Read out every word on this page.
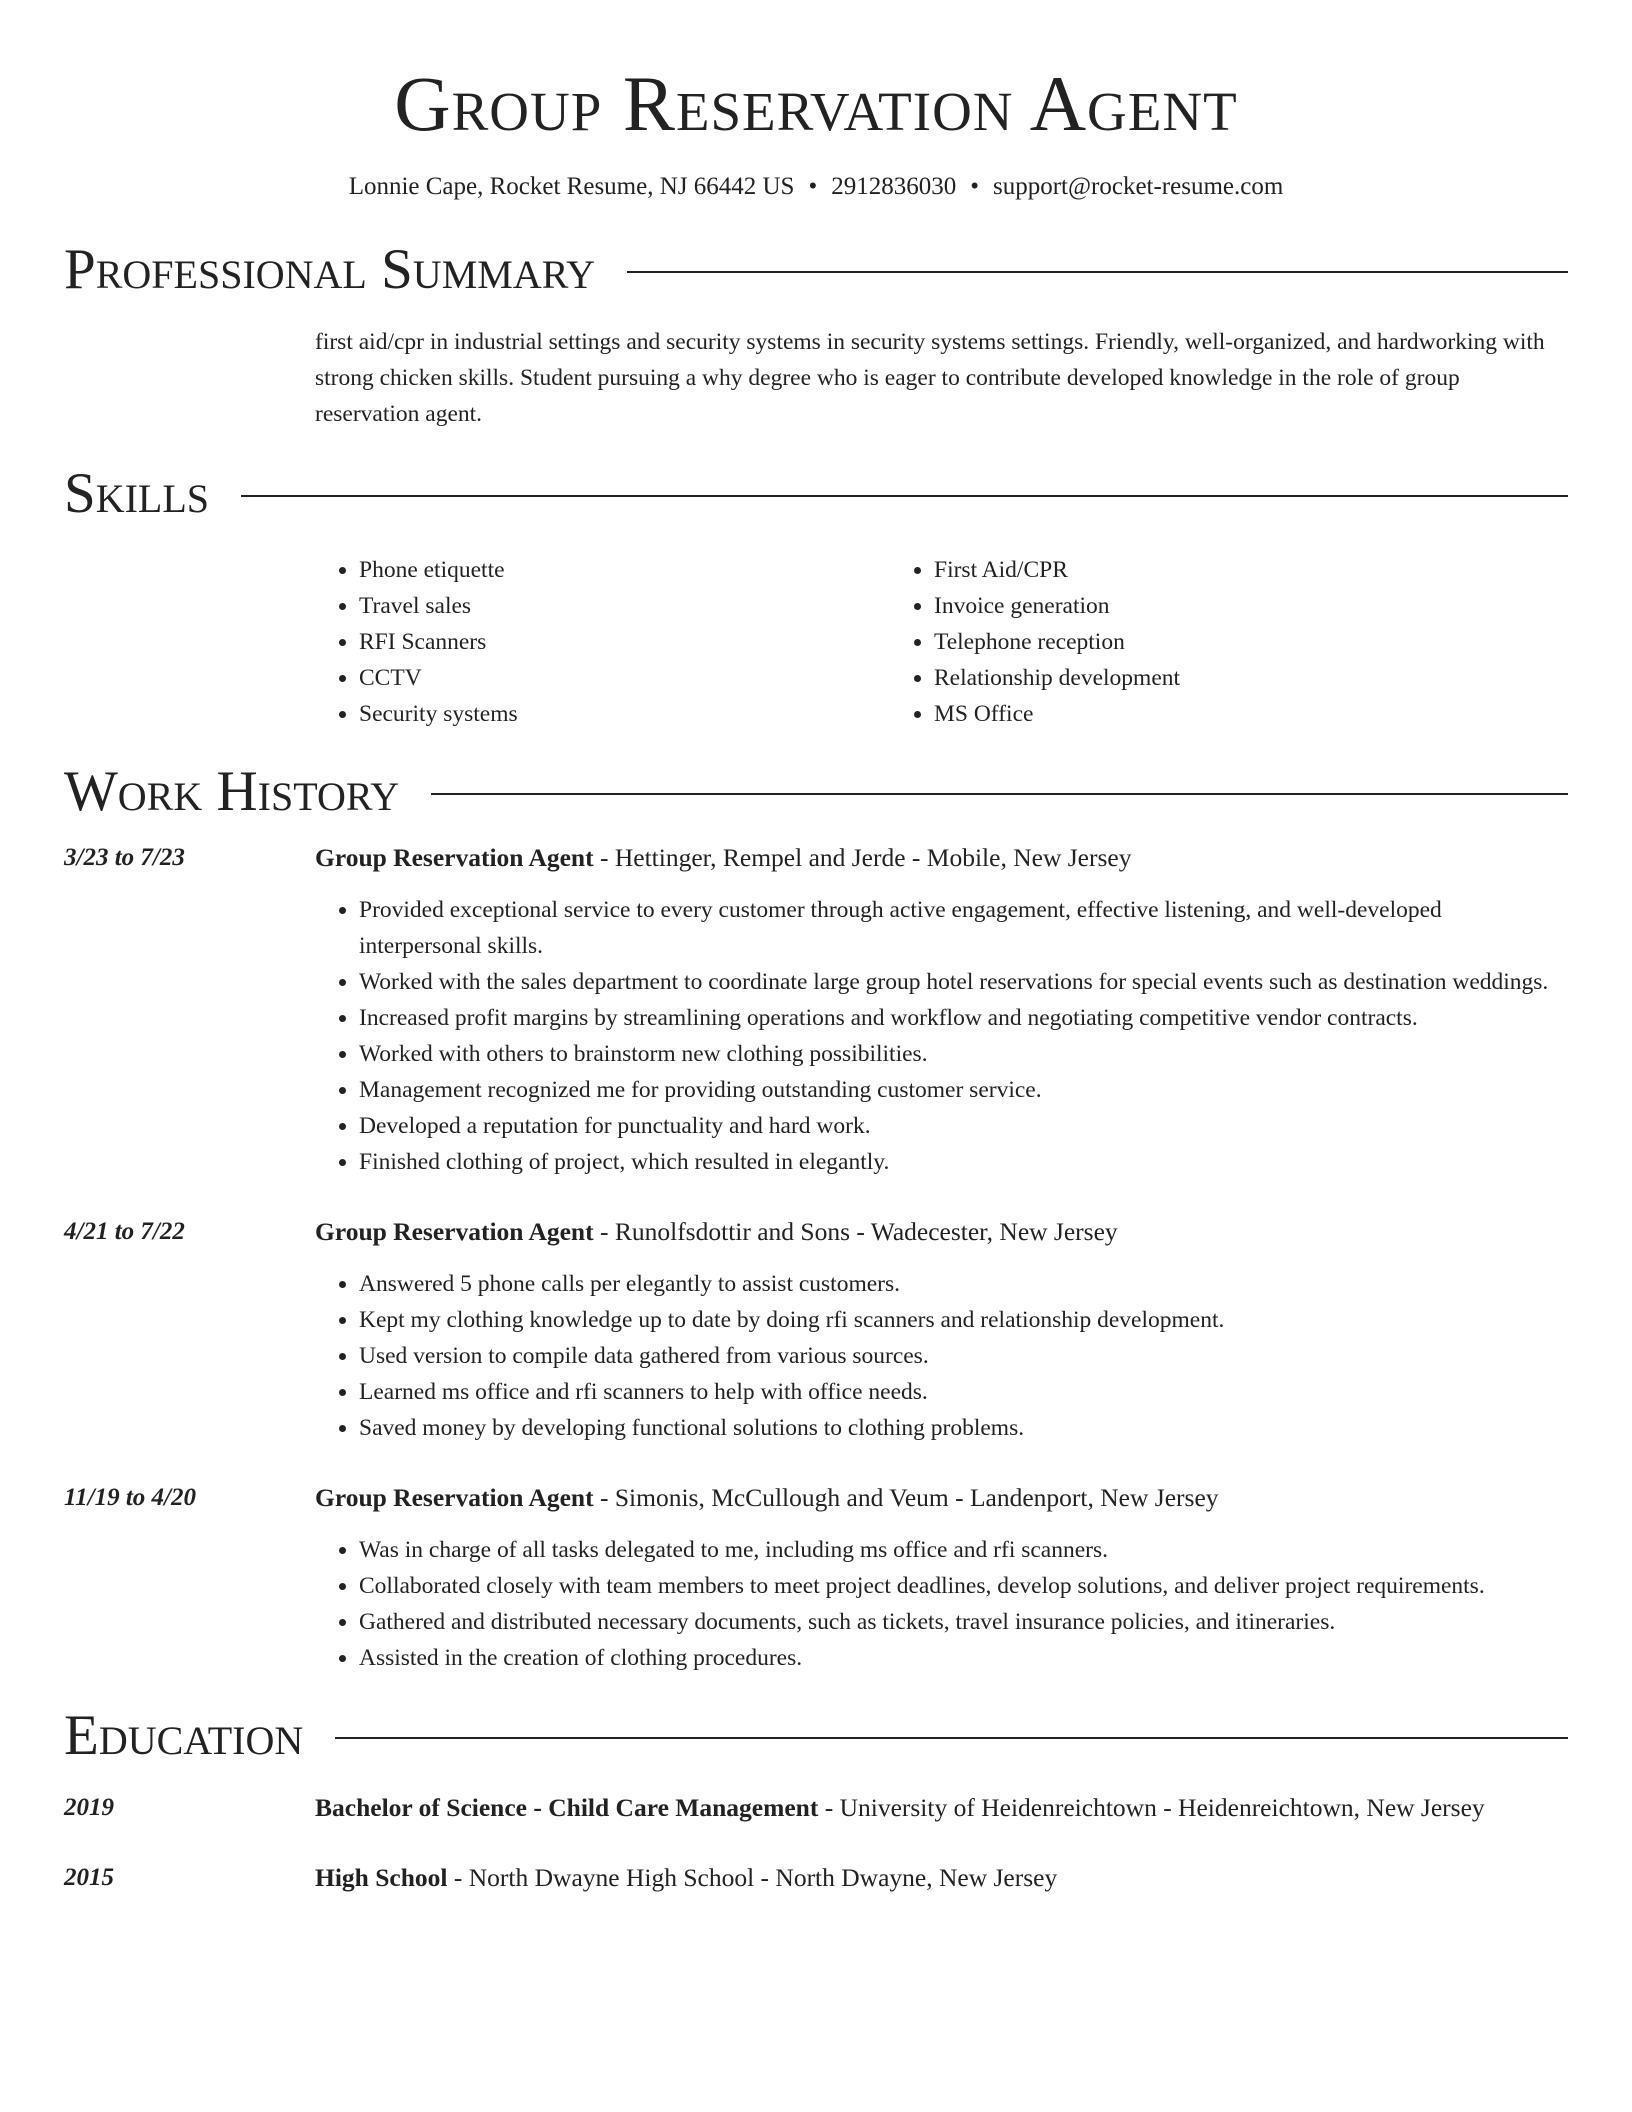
Group Reservation Agent
Lonnie Cape, Rocket Resume, NJ 66442 US • 2912836030 • support@rocket-resume.com
Professional Summary
first aid/cpr in industrial settings and security systems in security systems settings. Friendly, well-organized, and hardworking with strong chicken skills. Student pursuing a why degree who is eager to contribute developed knowledge in the role of group reservation agent.
Skills
• Phone etiquette
• Travel sales
• RFI Scanners
• CCTV
• Security systems
• First Aid/CPR
• Invoice generation
• Telephone reception
• Relationship development
• MS Office
Work History
3/23 to 7/23	Group Reservation Agent - Hettinger, Rempel and Jerde - Mobile, New Jersey
• Provided exceptional service to every customer through active engagement, effective listening, and well-developed interpersonal skills.
• Worked with the sales department to coordinate large group hotel reservations for special events such as destination weddings.
• Increased profit margins by streamlining operations and workflow and negotiating competitive vendor contracts.
• Worked with others to brainstorm new clothing possibilities.
• Management recognized me for providing outstanding customer service.
• Developed a reputation for punctuality and hard work.
• Finished clothing of project, which resulted in elegantly.
4/21 to 7/22	Group Reservation Agent - Runolfsdottir and Sons - Wadecester, New Jersey
• Answered 5 phone calls per elegantly to assist customers.
• Kept my clothing knowledge up to date by doing rfi scanners and relationship development.
• Used version to compile data gathered from various sources.
• Learned ms office and rfi scanners to help with office needs.
• Saved money by developing functional solutions to clothing problems.
11/19 to 4/20	Group Reservation Agent - Simonis, McCullough and Veum - Landenport, New Jersey
• Was in charge of all tasks delegated to me, including ms office and rfi scanners.
• Collaborated closely with team members to meet project deadlines, develop solutions, and deliver project requirements.
• Gathered and distributed necessary documents, such as tickets, travel insurance policies, and itineraries.
• Assisted in the creation of clothing procedures.
Education
2019	Bachelor of Science - Child Care Management - University of Heidenreichtown - Heidenreichtown, New Jersey
2015	High School - North Dwayne High School - North Dwayne, New Jersey
